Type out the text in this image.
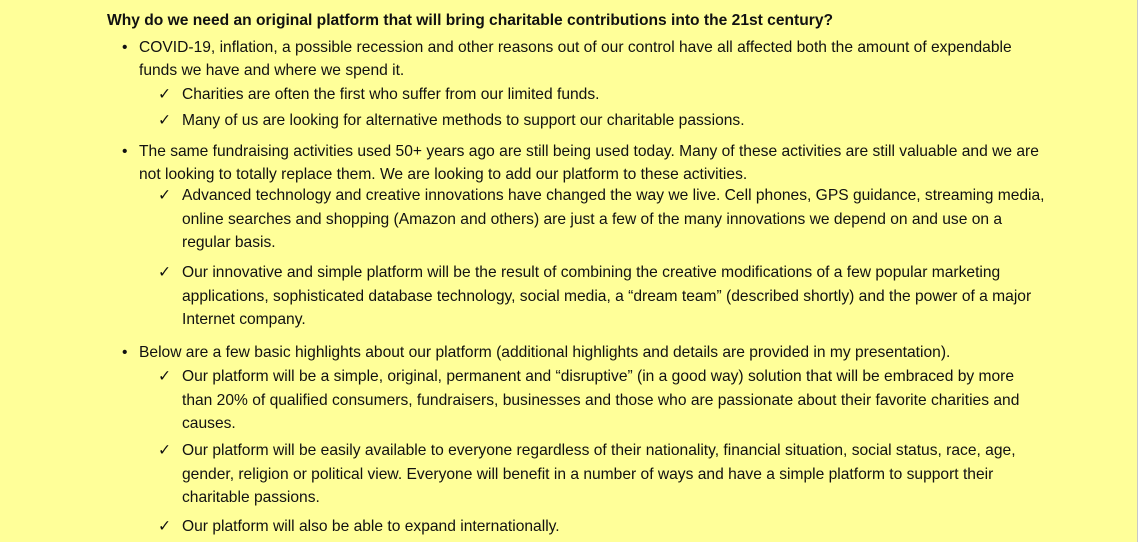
Why do we need an original platform that will bring charitable contributions into the 21st century?
• COVID-19, inflation, a possible recession and other reasons out of our control have all affected both the amount of expendable funds we have and where we spend it.
✓ Charities are often the first who suffer from our limited funds.
✓ Many of us are looking for alternative methods to support our charitable passions.
• The same fundraising activities used 50+ years ago are still being used today. Many of these activities are still valuable and we are not looking to totally replace them. We are looking to add our platform to these activities.
✓ Advanced technology and creative innovations have changed the way we live. Cell phones, GPS guidance, streaming media, online searches and shopping (Amazon and others) are just a few of the many innovations we depend on and use on a regular basis.
✓ Our innovative and simple platform will be the result of combining the creative modifications of a few popular marketing applications, sophisticated database technology, social media, a “dream team” (described shortly) and the power of a major Internet company.
• Below are a few basic highlights about our platform (additional highlights and details are provided in my presentation).
✓ Our platform will be a simple, original, permanent and “disruptive” (in a good way) solution that will be embraced by more than 20% of qualified consumers, fundraisers, businesses and those who are passionate about their favorite charities and causes.
✓ Our platform will be easily available to everyone regardless of their nationality, financial situation, social status, race, age, gender, religion or political view. Everyone will benefit in a number of ways and have a simple platform to support their charitable passions.
✓ Our platform will also be able to expand internationally.
